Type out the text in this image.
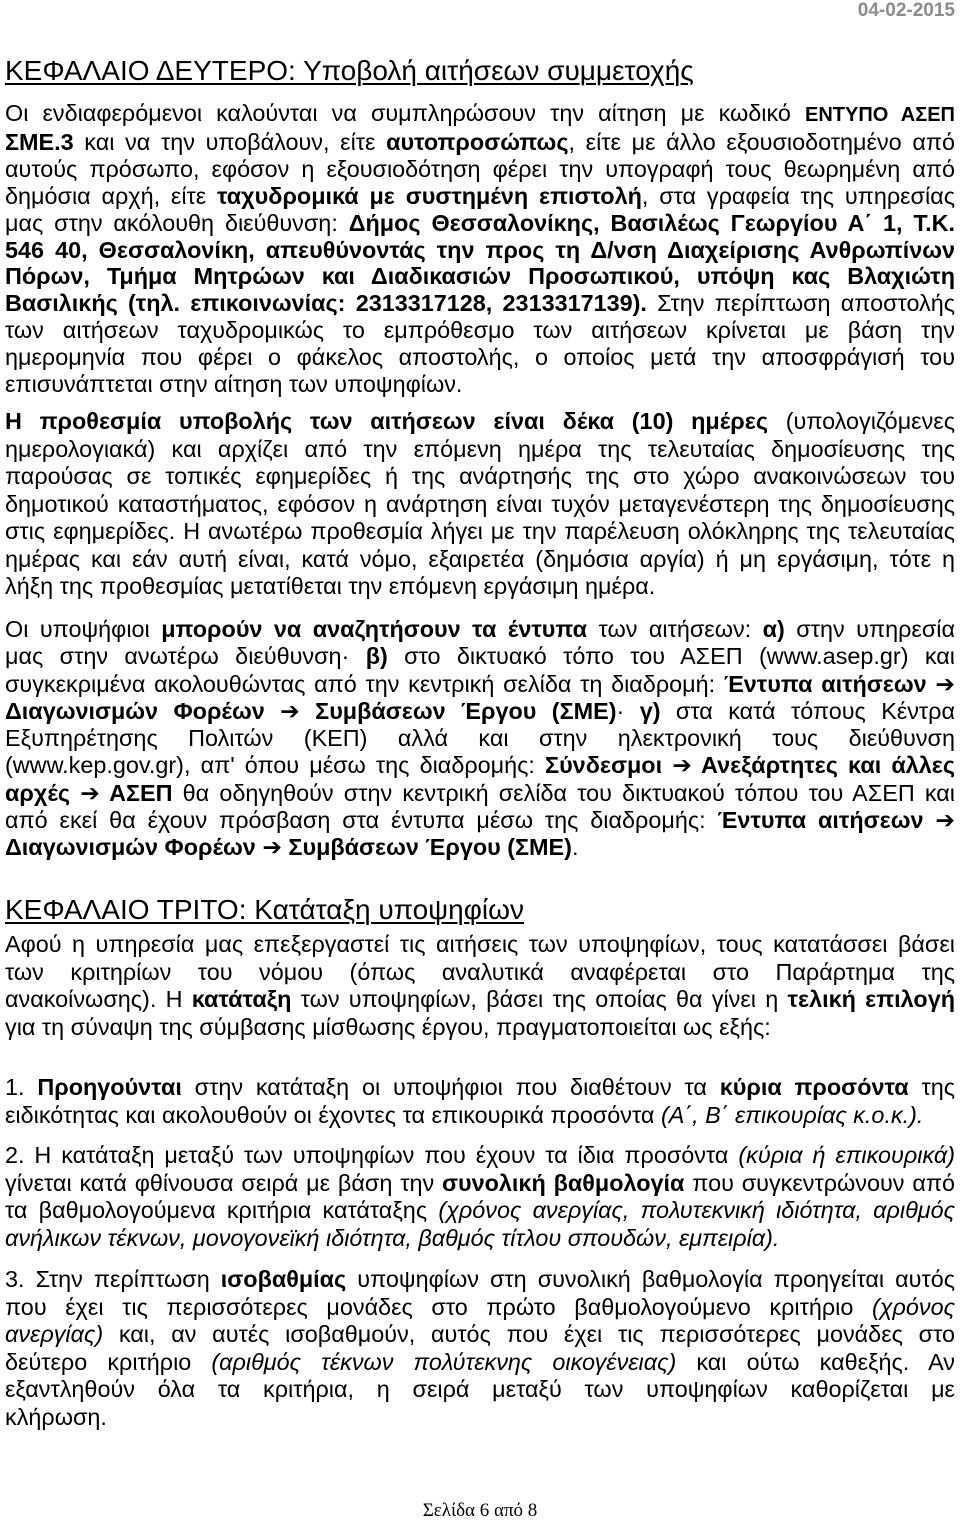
04-02-2015
ΚΕΦΑΛΑΙΟ ΔΕΥΤΕΡΟ: Υποβολή αιτήσεων συμμετοχής
Οι ενδιαφερόμενοι καλούνται να συμπληρώσουν την αίτηση με κωδικό ΕΝΤΥΠΟ ΑΣΕΠ
ΣΜΕ.3 και να την υποβάλουν, είτε αυτοπροσώπως, είτε με άλλο εξουσιοδοτημένο από
αυτούς πρόσωπο, εφόσον η εξουσιοδότηση φέρει την υπογραφή τους θεωρημένη από
δημόσια αρχή, είτε ταχυδρομικά με συστημένη επιστολή, στα γραφεία της υπηρεσίας
μας στην ακόλουθη διεύθυνση: Δήμος Θεσσαλονίκης, Βασιλέως Γεωργίου Α΄ 1, Τ.Κ.
546 40, Θεσσαλονίκη, απευθύνοντάς την προς τη Δ/νση Διαχείρισης Ανθρωπίνων
Πόρων, Τμήμα Μητρώων και Διαδικασιών Προσωπικού, υπόψη κας Βλαχιώτη
Βασιλικής (τηλ. επικοινωνίας: 2313317128, 2313317139). Στην περίπτωση αποστολής
των αιτήσεων ταχυδρομικώς το εμπρόθεσμο των αιτήσεων κρίνεται με βάση την
ημερομηνία που φέρει ο φάκελος αποστολής, ο οποίος μετά την αποσφράγισή του
επισυνάπτεται στην αίτηση των υποψηφίων.
Η προθεσμία υποβολής των αιτήσεων είναι δέκα (10) ημέρες (υπολογιζόμενες
ημερολογιακά) και αρχίζει από την επόμενη ημέρα της τελευταίας δημοσίευσης της
παρούσας σε τοπικές εφημερίδες ή της ανάρτησής της στο χώρο ανακοινώσεων του
δημοτικού καταστήματος, εφόσον η ανάρτηση είναι τυχόν μεταγενέστερη της δημοσίευσης
στις εφημερίδες. Η ανωτέρω προθεσμία λήγει με την παρέλευση ολόκληρης της τελευταίας
ημέρας και εάν αυτή είναι, κατά νόμο, εξαιρετέα (δημόσια αργία) ή μη εργάσιμη, τότε η
λήξη της προθεσμίας μετατίθεται την επόμενη εργάσιμη ημέρα.
Οι υποψήφιοι μπορούν να αναζητήσουν τα έντυπα των αιτήσεων: α) στην υπηρεσία
μας στην ανωτέρω διεύθυνση· β) στο δικτυακό τόπο του ΑΣΕΠ (www.asep.gr) και
συγκεκριμένα ακολουθώντας από την κεντρική σελίδα τη διαδρομή: Έντυπα αιτήσεων ➔
Διαγωνισμών Φορέων ➔ Συμβάσεων Έργου (ΣΜΕ)· γ) στα κατά τόπους Κέντρα
Εξυπηρέτησης Πολιτών (ΚΕΠ) αλλά και στην ηλεκτρονική τους διεύθυνση
(www.kep.gov.gr), απ' όπου μέσω της διαδρομής: Σύνδεσμοι ➔ Ανεξάρτητες και άλλες
αρχές ➔ ΑΣΕΠ θα οδηγηθούν στην κεντρική σελίδα του δικτυακού τόπου του ΑΣΕΠ και
από εκεί θα έχουν πρόσβαση στα έντυπα μέσω της διαδρομής: Έντυπα αιτήσεων ➔
Διαγωνισμών Φορέων ➔ Συμβάσεων Έργου (ΣΜΕ).
ΚΕΦΑΛΑΙΟ ΤΡΙΤΟ: Κατάταξη υποψηφίων
Αφού η υπηρεσία μας επεξεργαστεί τις αιτήσεις των υποψηφίων, τους κατατάσσει βάσει
των κριτηρίων του νόμου (όπως αναλυτικά αναφέρεται στο Παράρτημα της
ανακοίνωσης). Η κατάταξη των υποψηφίων, βάσει της οποίας θα γίνει η τελική επιλογή
για τη σύναψη της σύμβασης μίσθωσης έργου, πραγματοποιείται ως εξής:
1. Προηγούνται στην κατάταξη οι υποψήφιοι που διαθέτουν τα κύρια προσόντα της
ειδικότητας και ακολουθούν οι έχοντες τα επικουρικά προσόντα (Α΄, Β΄ επικουρίας κ.ο.κ.).
2. Η κατάταξη μεταξύ των υποψηφίων που έχουν τα ίδια προσόντα (κύρια ή επικουρικά)
γίνεται κατά φθίνουσα σειρά με βάση την συνολική βαθμολογία που συγκεντρώνουν από
τα βαθμολογούμενα κριτήρια κατάταξης (χρόνος ανεργίας, πολυτεκνική ιδιότητα, αριθμός
ανήλικων τέκνων, μονογονεϊκή ιδιότητα, βαθμός τίτλου σπουδών, εμπειρία).
3. Στην περίπτωση ισοβαθμίας υποψηφίων στη συνολική βαθμολογία προηγείται αυτός
που έχει τις περισσότερες μονάδες στο πρώτο βαθμολογούμενο κριτήριο (χρόνος
ανεργίας) και, αν αυτές ισοβαθμούν, αυτός που έχει τις περισσότερες μονάδες στο
δεύτερο κριτήριο (αριθμός τέκνων πολύτεκνης οικογένειας) και ούτω καθεξής. Αν
εξαντληθούν όλα τα κριτήρια, η σειρά μεταξύ των υποψηφίων καθορίζεται με
κλήρωση.
Σελίδα 6 από 8
